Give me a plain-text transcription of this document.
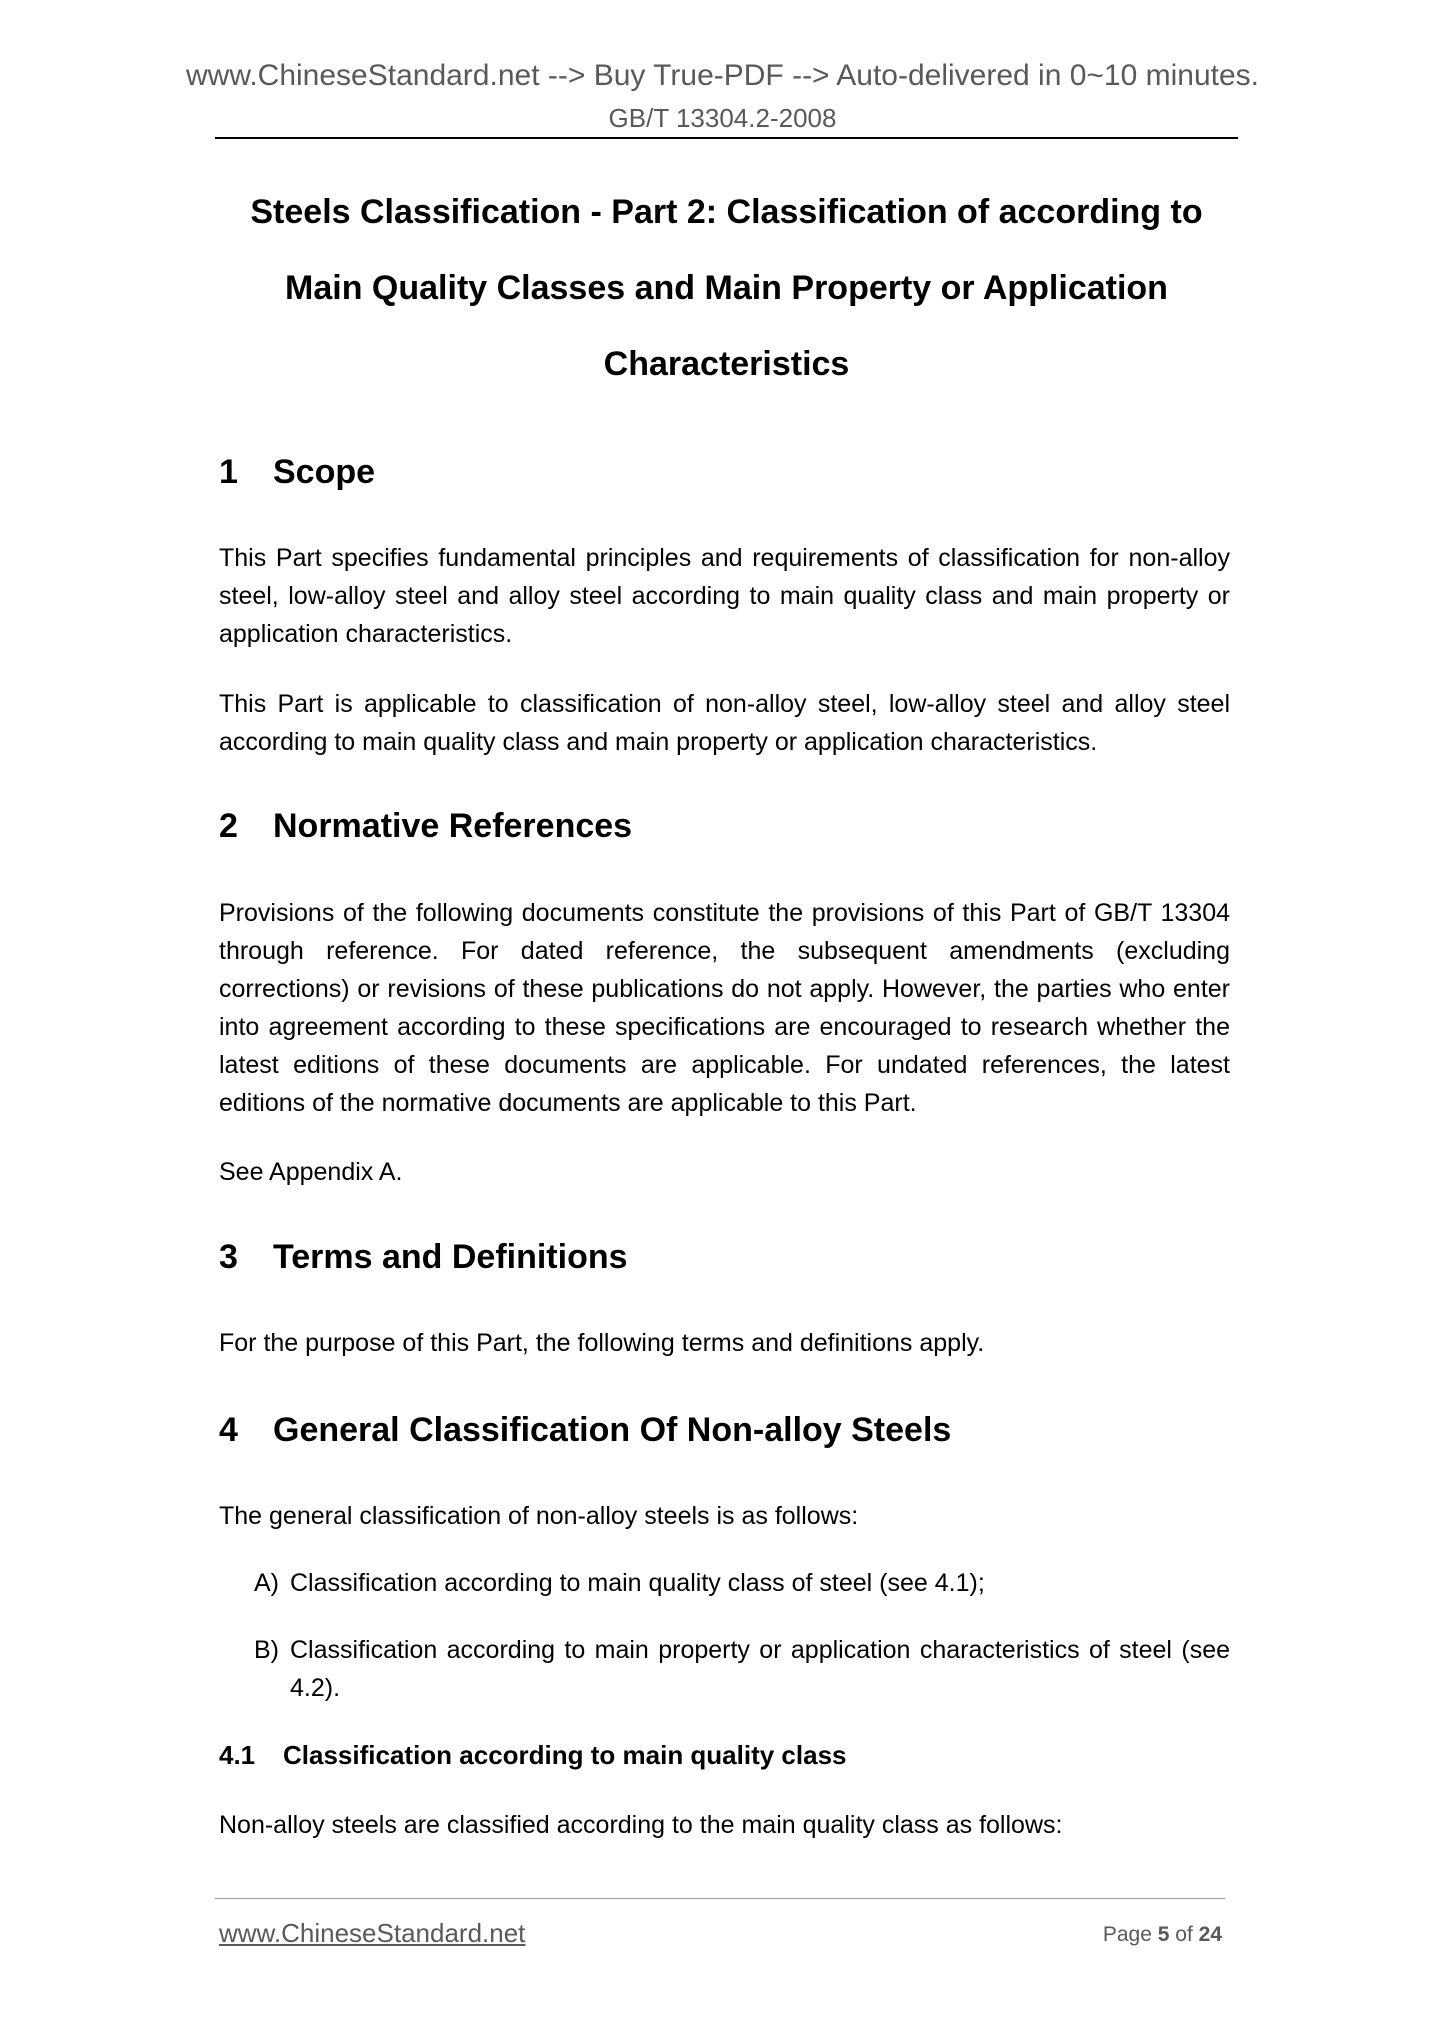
www.ChineseStandard.net --> Buy True-PDF --> Auto-delivered in 0~10 minutes.
GB/T 13304.2-2008
Steels Classification - Part 2: Classification of according to
Main Quality Classes and Main Property or Application
Characteristics
1 Scope
This Part specifies fundamental principles and requirements of classification for non-alloy steel, low-alloy steel and alloy steel according to main quality class and main property or application characteristics.
This Part is applicable to classification of non-alloy steel, low-alloy steel and alloy steel according to main quality class and main property or application characteristics.
2 Normative References
Provisions of the following documents constitute the provisions of this Part of GB/T 13304 through reference. For dated reference, the subsequent amendments (excluding corrections) or revisions of these publications do not apply. However, the parties who enter into agreement according to these specifications are encouraged to research whether the latest editions of these documents are applicable. For undated references, the latest editions of the normative documents are applicable to this Part.
See Appendix A.
3 Terms and Definitions
For the purpose of this Part, the following terms and definitions apply.
4 General Classification Of Non-alloy Steels
The general classification of non-alloy steels is as follows:
A) Classification according to main quality class of steel (see 4.1);
B) Classification according to main property or application characteristics of steel (see 4.2).
4.1 Classification according to main quality class
Non-alloy steels are classified according to the main quality class as follows:
www.ChineseStandard.net	Page 5 of 24
